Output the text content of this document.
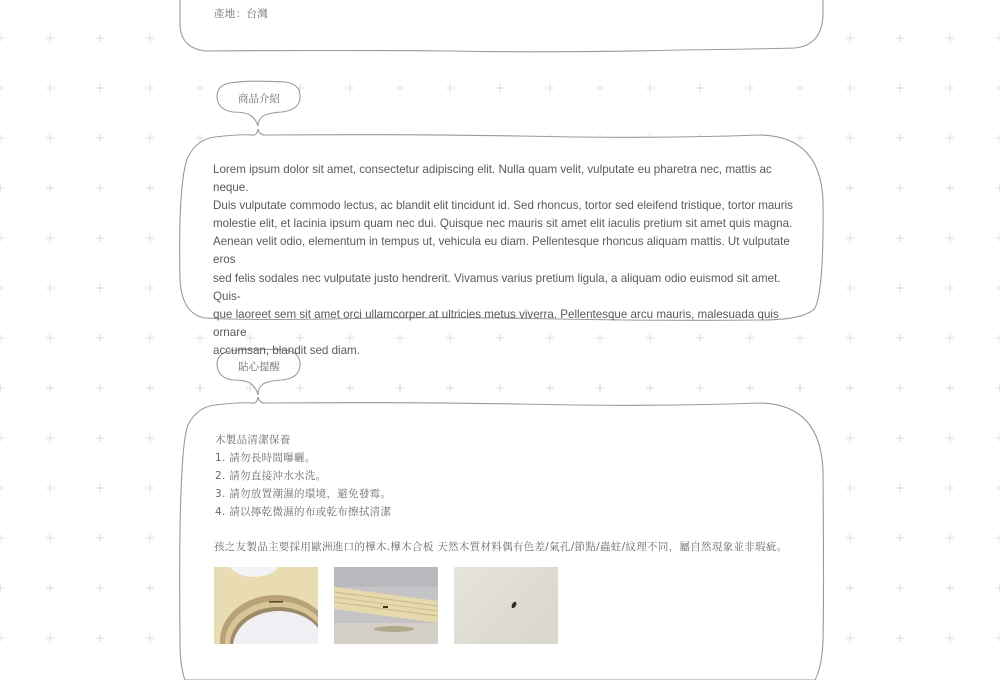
產地：台灣
商品介紹

Lorem ipsum dolor sit amet, consectetur adipiscing elit. Nulla quam velit, vulputate eu pharetra nec, mattis ac neque.

Duis vulputate commodo lectus, ac blandit elit tincidunt id. Sed rhoncus, tortor sed eleifend tristique, tortor mauris

molestie elit, et lacinia ipsum quam nec dui. Quisque nec mauris sit amet elit iaculis pretium sit amet quis magna.

Aenean velit odio, elementum in tempus ut, vehicula eu diam. Pellentesque rhoncus aliquam mattis. Ut vulputate eros

sed felis sodales nec vulputate justo hendrerit. Vivamus varius pretium ligula, a aliquam odio euismod sit amet. Quis-

que laoreet sem sit amet orci ullamcorper at ultricies metus viverra. Pellentesque arcu mauris, malesuada quis ornare

accumsan, blandit sed diam.

貼心提醒
木製品清潔保養
1. 請勿長時間曝曬。
2. 請勿直接沖水水洗。
3. 請勿放置潮濕的環境，避免發霉。
4. 請以擰乾微濕的布或乾布擦拭清潔
孩之友製品主要採用歐洲進口的樺木.樺木合板 天然木質材料偶有色差/氣孔/節點/蟲蛀/紋理不同，屬自然現象並非瑕疵。
